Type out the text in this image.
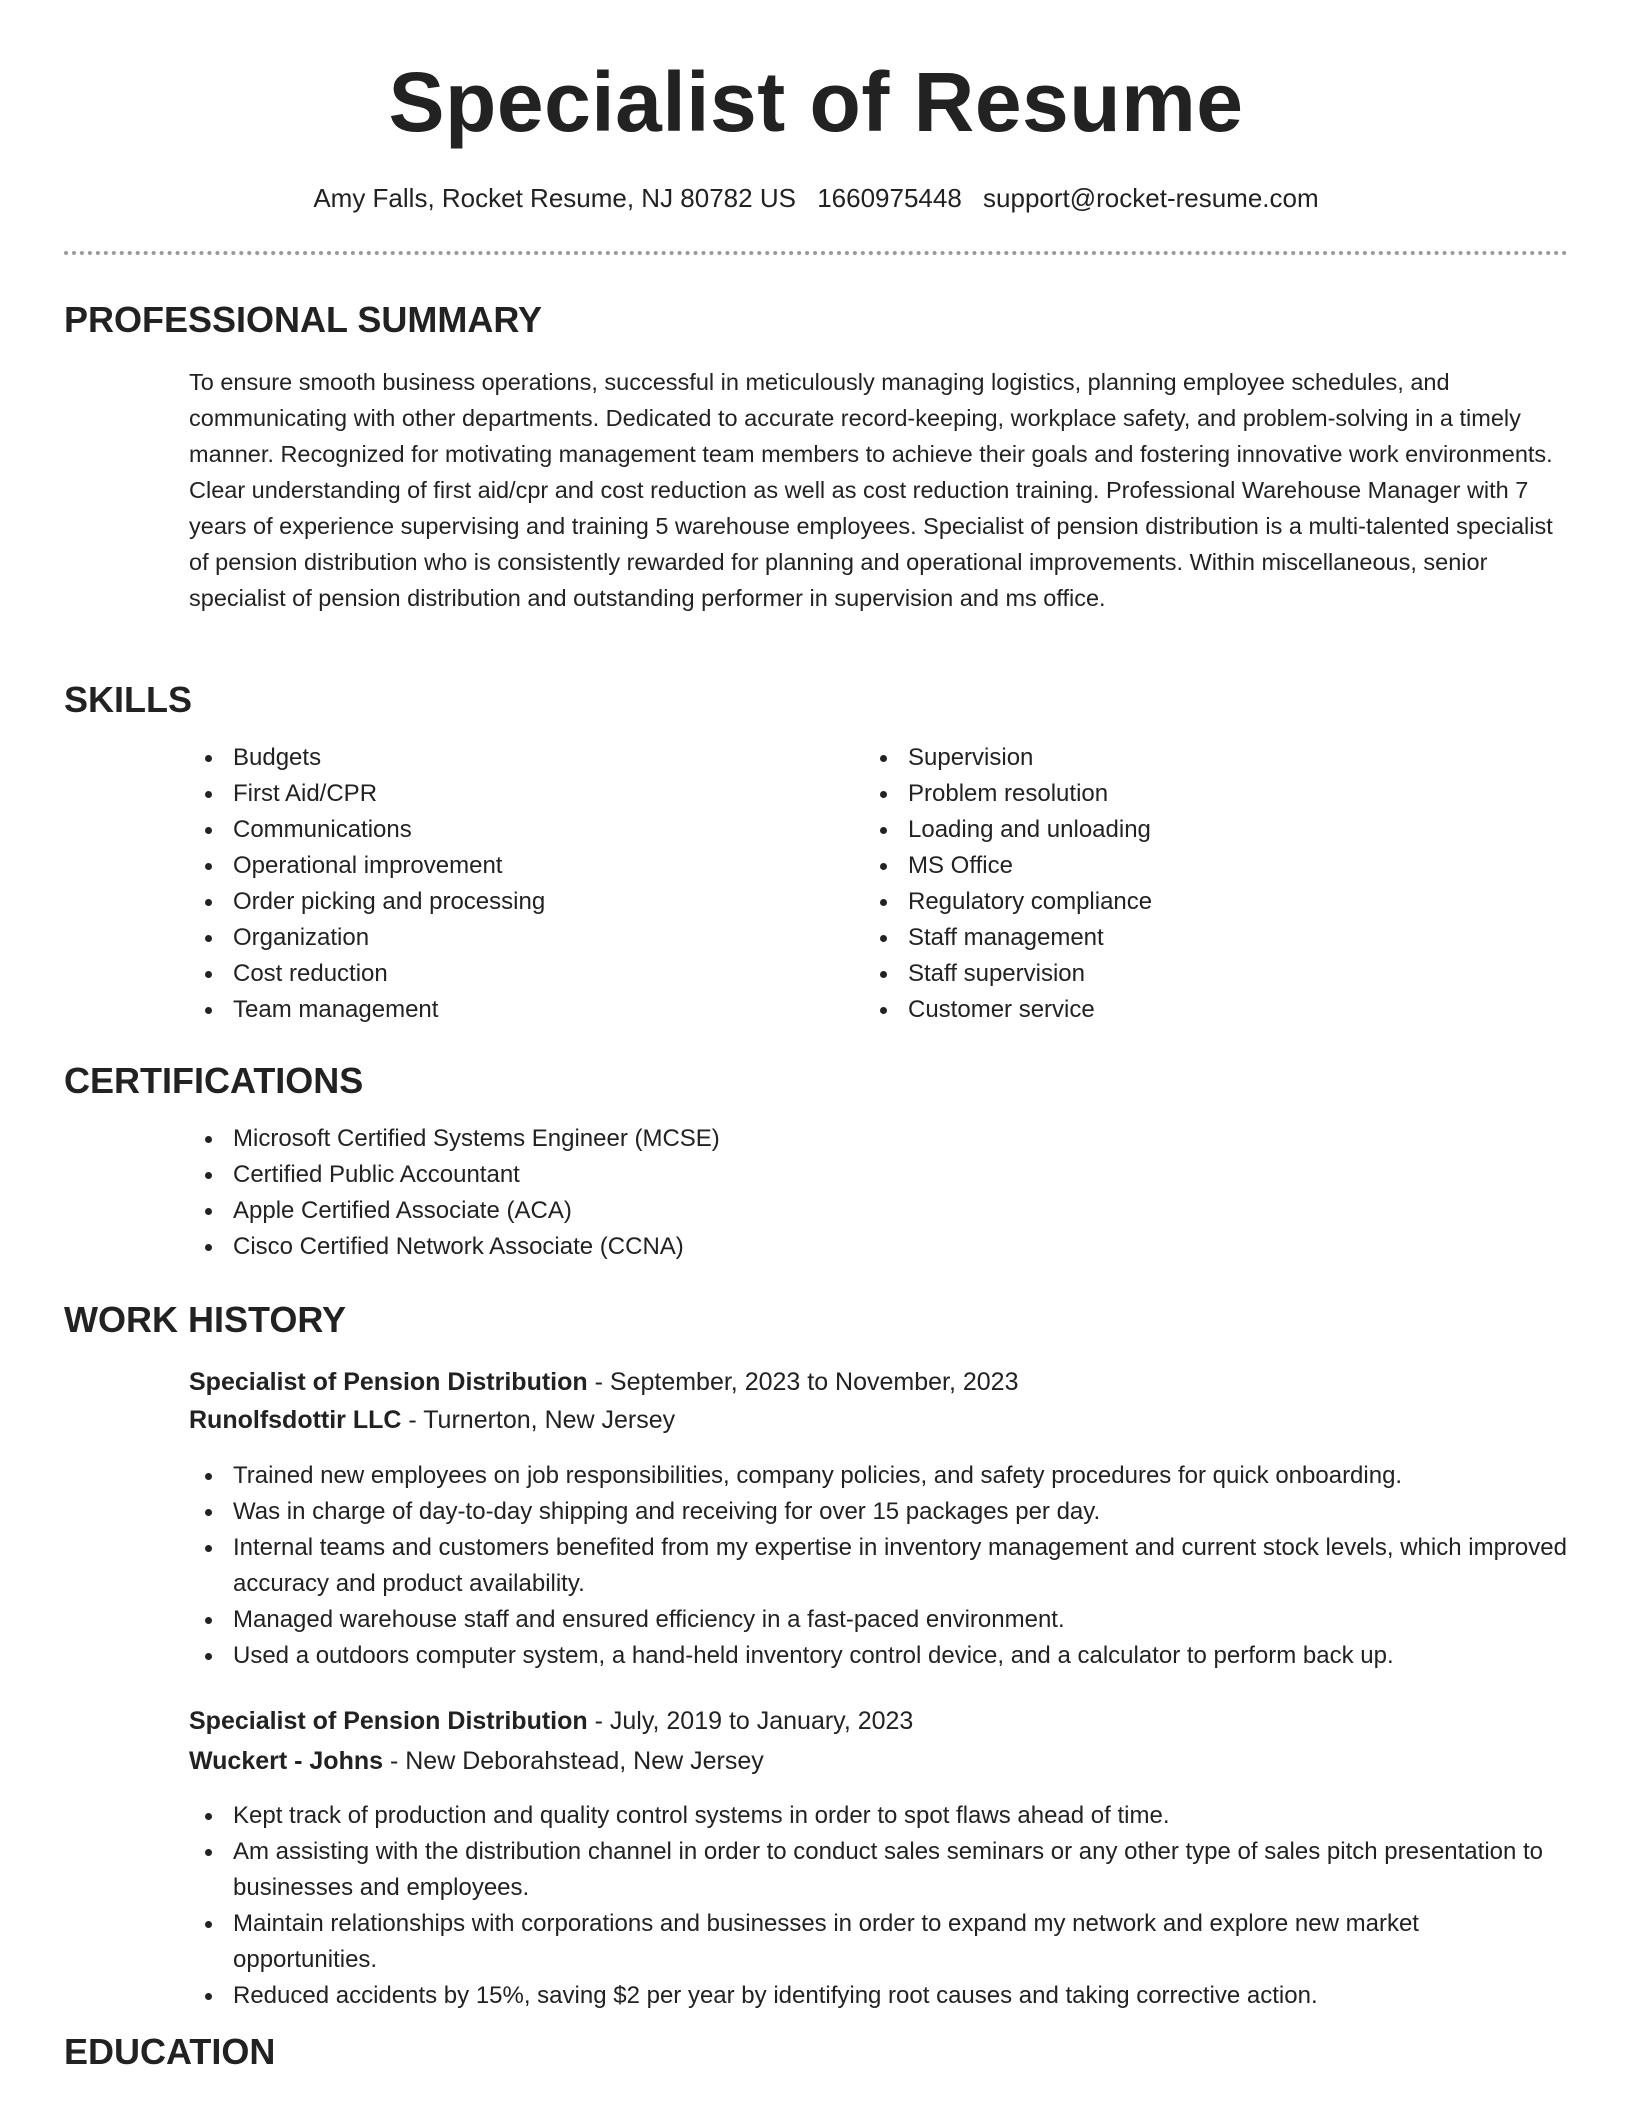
Specialist of Resume
Amy Falls, Rocket Resume, NJ 80782 US 1660975448 support@rocket-resume.com
PROFESSIONAL SUMMARY

To ensure smooth business operations, successful in meticulously managing logistics, planning employee schedules, and communicating with other departments. Dedicated to accurate record-keeping, workplace safety, and problem-solving in a timely manner. Recognized for motivating management team members to achieve their goals and fostering innovative work environments. Clear understanding of first aid/cpr and cost reduction as well as cost reduction training. Professional Warehouse Manager with 7 years of experience supervising and training 5 warehouse employees. Specialist of pension distribution is a multi-talented specialist of pension distribution who is consistently rewarded for planning and operational improvements. Within miscellaneous, senior specialist of pension distribution and outstanding performer in supervision and ms office.

SKILLS
Budgets
First Aid/CPR
Communications
Operational improvement
Order picking and processing
Organization
Cost reduction
Team management
Supervision
Problem resolution
Loading and unloading
MS Office
Regulatory compliance
Staff management
Staff supervision
Customer service
CERTIFICATIONS
Microsoft Certified Systems Engineer (MCSE)
Certified Public Accountant
Apple Certified Associate (ACA)
Cisco Certified Network Associate (CCNA)
WORK HISTORY
Specialist of Pension Distribution - September, 2023 to November, 2023
Runolfsdottir LLC - Turnerton, New Jersey
Trained new employees on job responsibilities, company policies, and safety procedures for quick onboarding.
Was in charge of day-to-day shipping and receiving for over 15 packages per day.
Internal teams and customers benefited from my expertise in inventory management and current stock levels, which improved accuracy and product availability.
Managed warehouse staff and ensured efficiency in a fast-paced environment.
Used a outdoors computer system, a hand-held inventory control device, and a calculator to perform back up.
Specialist of Pension Distribution - July, 2019 to January, 2023
Wuckert - Johns - New Deborahstead, New Jersey
Kept track of production and quality control systems in order to spot flaws ahead of time.
Am assisting with the distribution channel in order to conduct sales seminars or any other type of sales pitch presentation to businesses and employees.
Maintain relationships with corporations and businesses in order to expand my network and explore new market opportunities.
Reduced accidents by 15%, saving $2 per year by identifying root causes and taking corrective action.
EDUCATION
